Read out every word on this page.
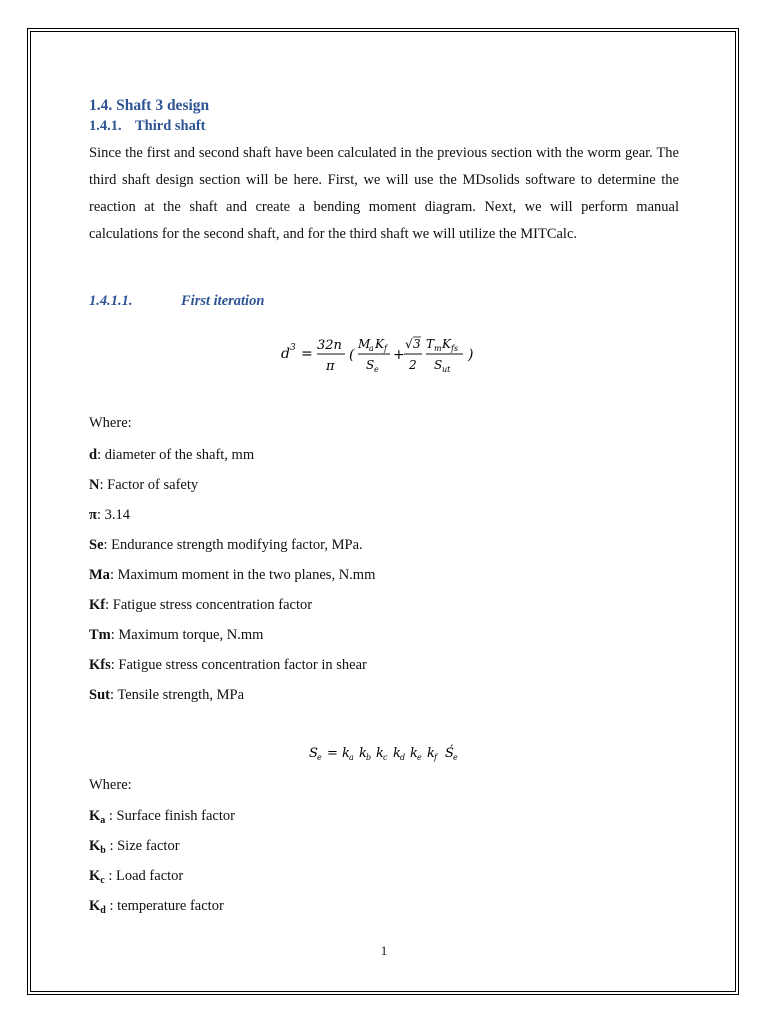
1.4. Shaft 3 design
1.4.1. Third shaft

Since the first and second shaft have been calculated in the previous section with the worm gear. The third shaft design section will be here. First, we will use the MDsolids software to determine the reaction at the shaft and create a bending moment diagram. Next, we will perform manual calculations for the second shaft, and for the third shaft we will utilize the MITCalc.

1.4.1.1.	First iteration
d 3 =
32n
π
(
M
a K f
S e
+
√ 3
2
T m K fs
S ut
)
Where:
d: diameter of the shaft, mm
N: Factor of safety
π: 3.14
Se: Endurance strength modifying factor, MPa.
Ma: Maximum moment in the two planes, N.mm
Kf: Fatigue stress concentration factor
Tm: Maximum torque, N.mm
Kfs: Fatigue stress concentration factor in shear
Sut: Tensile strength, MPa
S e = k a k b k c k d k e k f Ś e
Where:
$K_a$ : Surface finish factor
$K_b$ : Size factor
$K_c$ : Load factor
$K_d$ : temperature factor
1
